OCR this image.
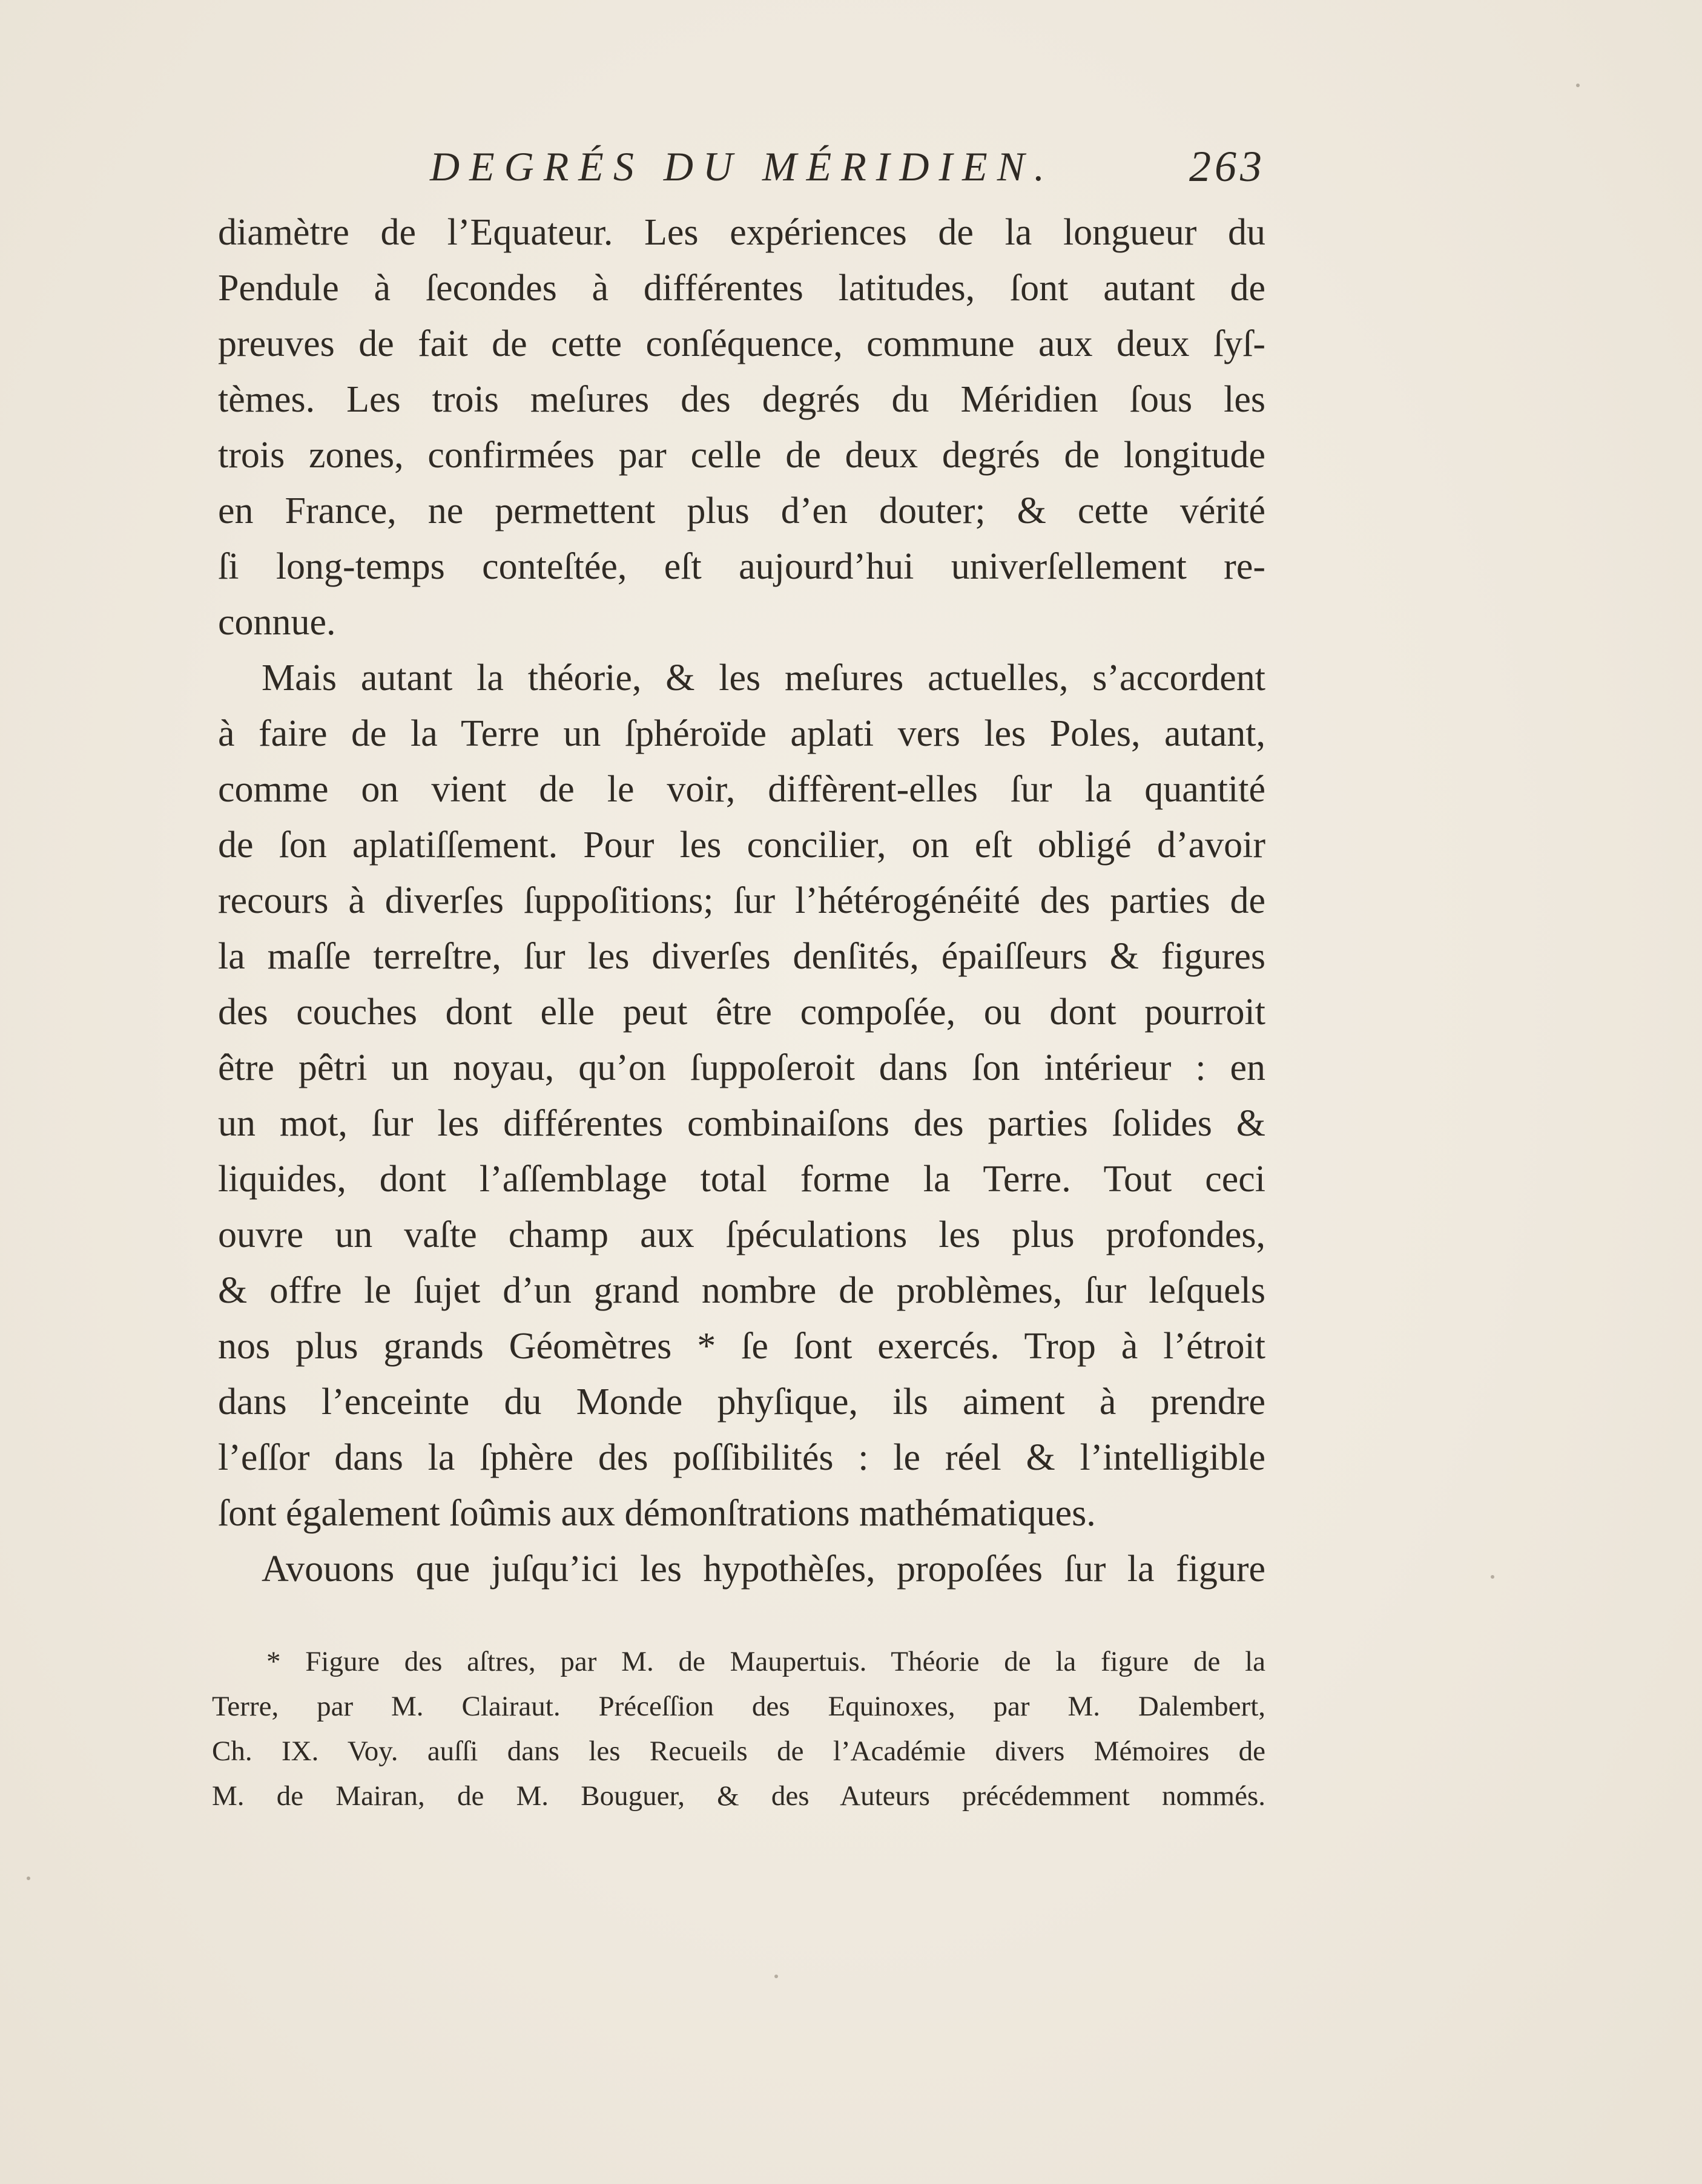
DEGRÉS DU MÉRIDIEN.	263
diamètre de l’Equateur. Les expériences de la longueur du
Pendule à ſecondes à différentes latitudes, ſont autant de
preuves de fait de cette conſéquence, commune aux deux ſyſ-
tèmes. Les trois meſures des degrés du Méridien ſous les
trois zones, confirmées par celle de deux degrés de longitude
en France, ne permettent plus d’en douter; & cette vérité
ſi long-temps conteſtée, eſt aujourd’hui univerſellement re-
connue.
Mais autant la théorie, & les meſures actuelles, s’accordent
à faire de la Terre un ſphéroïde aplati vers les Poles, autant,
comme on vient de le voir, diffèrent-elles ſur la quantité
de ſon aplatiſſement. Pour les concilier, on eſt obligé d’avoir
recours à diverſes ſuppoſitions; ſur l’hétérogénéité des parties de
la maſſe terreſtre, ſur les diverſes denſités, épaiſſeurs & figures
des couches dont elle peut être compoſée, ou dont pourroit
être pêtri un noyau, qu’on ſuppoſeroit dans ſon intérieur : en
un mot, ſur les différentes combinaiſons des parties ſolides &
liquides, dont l’aſſemblage total forme la Terre. Tout ceci
ouvre un vaſte champ aux ſpéculations les plus profondes,
& offre le ſujet d’un grand nombre de problèmes, ſur leſquels
nos plus grands Géomètres * ſe ſont exercés. Trop à l’étroit
dans l’enceinte du Monde phyſique, ils aiment à prendre
l’eſſor dans la ſphère des poſſibilités : le réel & l’intelligible
ſont également ſoûmis aux démonſtrations mathématiques.
Avouons que juſqu’ici les hypothèſes, propoſées ſur la figure
* Figure des aſtres, par M. de Maupertuis. Théorie de la figure de la
Terre, par M. Clairaut. Préceſſion des Equinoxes, par M. Dalembert,
Ch. IX. Voy. auſſi dans les Recueils de l’Académie divers Mémoires de
M. de Mairan, de M. Bouguer, & des Auteurs précédemment nommés.
